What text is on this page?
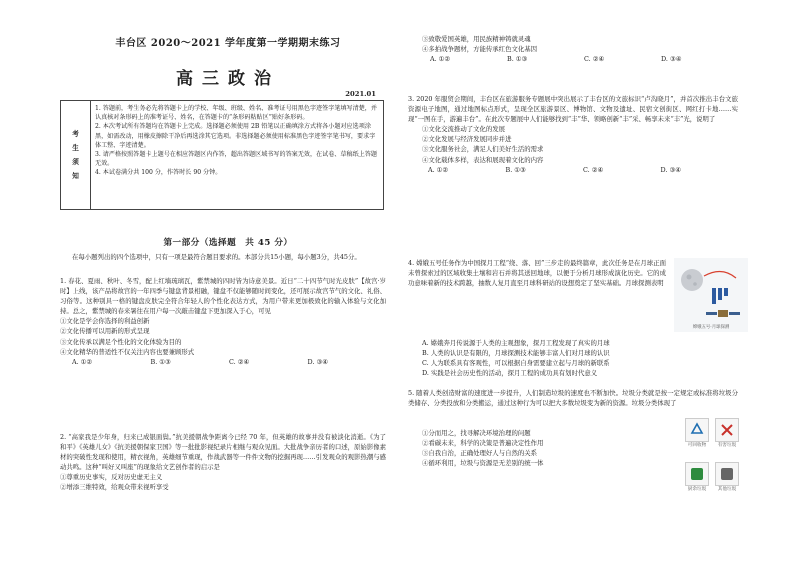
丰台区 2020～2021 学年度第一学期期末练习
高三政治
2021.01
考
生
须
知
1. 答题前，考生务必先将答题卡上的学校、年级、班级、姓名、准考证号用黑色字迹签字笔填写清楚，并认真核对条形码上的准考证号、姓名，在答题卡的“条形码粘贴区”贴好条形码。
2. 本次考试所有答题均在答题卡上完成。选择题必须使用 2B 铅笔以正确填涂方式将各小题对应选项涂黑，如需改动，用橡皮擦除干净后再选涂其它选项。非选择题必须使用标准黑色字迹签字笔书写，要求字体工整、字迹清楚。
3. 请严格按照答题卡上题号在相应答题区内作答，超出答题区域书写的答案无效，在试卷、草稿纸上答题无效。
4. 本试卷满分共 100 分，作答时长 90 分钟。
第一部分（选择题　共 45 分）
在每小题列出的四个选项中，只有一项是最符合题目要求的。本部分共15小题，每小题3分，共45分。
1. 春花、夏雨、秋叶、冬雪，配上红墙琉璃瓦，紫禁城的四时皆为诗意美景。近日“二十四节气时光皮肤”【故宫·岁时】上线，该产品将故宫的一年四季与键盘背景相融，键盘不仅能够随时间变化，还可展示故宫节气的文化、礼俗、习俗等。这种别具一格的键盘皮肤完全符合年轻人的个性化表达方式，为用户带来更加极致化的输入体验与文化加持。总之，紫禁城的春来暑往在用户每一次敲击键盘下更加深入于心，可见
①文化是学会你选择的利益创新
②文化传播可以用新的形式呈现
③文化传承以满足个性化的文化体验为目的
④文化精华的普适性不仅关注内容也要兼顾形式
A. ①②	B. ①③	C. ②④	D. ③④
2. “高家我是少年身，归来已成银面鬓。”抗美援朝战争距离今已经 70 年，但英雄的故事并没有被淡化消逝。《为了和平》《英雄儿女》《抗美援朝保家卫国》等一批批影视纪录片相继与观众见面。大批战争亲历者的口述，原始影像素材的突破性发现和使用，精衣视角，英雄细节重现，作战武器等一件件文物的挖掘再现……引发观众的观影热潮与感动共鸣。这种“叫好又叫座”的现象给文艺创作者的启示是
①尊重历史事实，反对历史虚无主义
②增添三维特效，给观众带来视听享受
③致敬爱国英雄，用民族精神铸就灵魂
④多拍战争题材，方能传承红色文化基因
A. ①②	B. ①③	C. ②④	D. ③④
3. 2020 年服贸会期间，丰台区在旅游服务专题展中突出展示了丰台区的文旅标识“卢沟晓月”，并首次推出丰台文旅资源电子地图，通过地图标点形式，呈现全区旅游景区、博物馆、文物及遗址、民宿文创街区、网红打卡地……实现“一图在手，游遍丰台”。在此次专题展中人们能够找到“丰”华、领略创新“丰”采、畅享未来“丰”光，说明了
①文化交流推动了文化的发展
②文化发展与经济发展同步并进
③文化服务社会，满足人们美好生活的需求
④文化载体多样，表达和展现着文化的内容
A. ①②	B. ①③	C. ②④	D. ③④
4. 嫦娥五号任务作为中国探月工程“绕、落、回”三步走的最终篇章，此次任务是在月球正面未曾探索过的区域收集土壤和岩石并将其送回地球，以便于分析月球形成演化历史。它的成功意味着新的技术跨越，抽数人复月直至月球科研站的设想奠定了坚实基础。月球探测表明
A. 嫦娥奔月传说源于人类的主观想象，探月工程发现了真实的月球
B. 人类的认识是有限的，月球探测技术能够丰富人们对月球的认识
C. 人为联系具有客观性，可以根据自身需要建立起与月球的新联系
D. 实践是社会历史性的活动，探月工程的成功具有划时代意义
5. 随着人类创造财富的速度进一步提升，人们制造垃圾的速度也不断加快。垃圾分类就是按一定规定或标准将垃圾分类储存、分类投放和分类搬运，通过这种行为可以把大多数垃圾变为新的资源。垃圾分类体现了
①分而用之，找寻解决环境治理的问题
②看碳未来，科学的决策是普遍决定性作用
③自我自治，正确处理好人与自然的关系
④循环利用，垃圾与资源是无差别的统一体
嫦娥五号·月球探测
可回收物	有害垃圾
厨余垃圾	其他垃圾
